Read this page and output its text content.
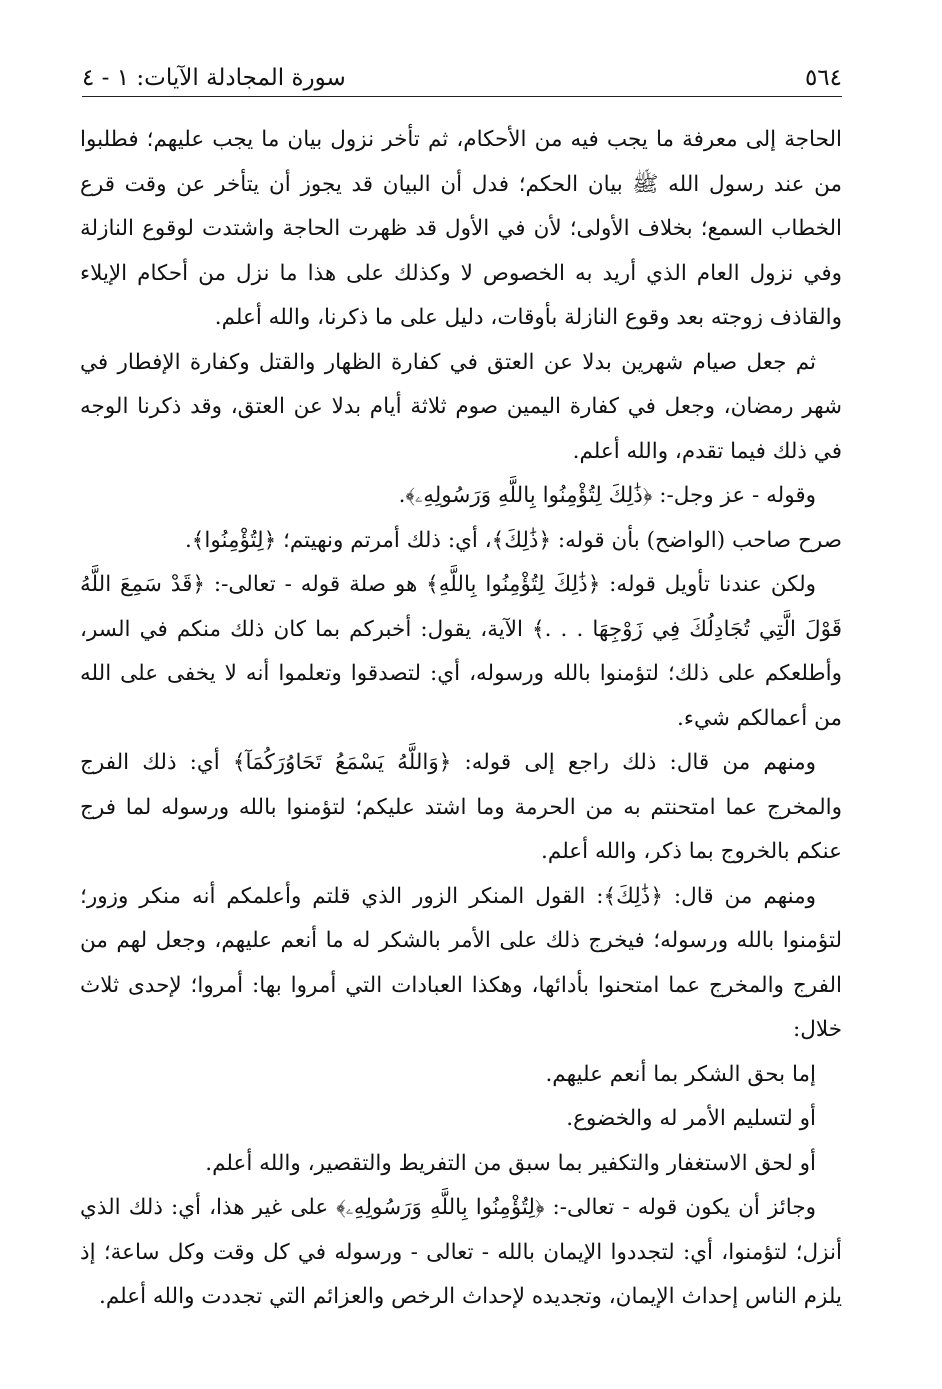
٥٦٤
سورة المجادلة الآيات: ١ - ٤

الحاجة إلى معرفة ما يجب فيه من الأحكام، ثم تأخر نزول بيان ما يجب عليهم؛ فطلبوا من عند رسول الله ﷺ بيان الحكم؛ فدل أن البيان قد يجوز أن يتأخر عن وقت قرع الخطاب السمع؛ بخلاف الأولى؛ لأن في الأول قد ظهرت الحاجة واشتدت لوقوع النازلة وفي نزول العام الذي أريد به الخصوص لا وكذلك على هذا ما نزل من أحكام الإيلاء والقاذف زوجته بعد وقوع النازلة بأوقات، دليل على ما ذكرنا، والله أعلم.

ثم جعل صيام شهرين بدلا عن العتق في كفارة الظهار والقتل وكفارة الإفطار في شهر رمضان، وجعل في كفارة اليمين صوم ثلاثة أيام بدلا عن العتق، وقد ذكرنا الوجه في ذلك فيما تقدم، والله أعلم.

وقوله - عز وجل-: ﴿ذَٰلِكَ لِتُؤْمِنُوا بِاللَّهِ وَرَسُولِهِۦ﴾.

صرح صاحب (الواضح) بأن قوله: ﴿ذَٰلِكَ﴾، أي: ذلك أمرتم ونهيتم؛ ﴿لِتُؤْمِنُوا﴾.

ولكن عندنا تأويل قوله: ﴿ذَٰلِكَ لِتُؤْمِنُوا بِاللَّهِ﴾ هو صلة قوله - تعالى-: ﴿قَدْ سَمِعَ اللَّهُ قَوْلَ الَّتِي تُجَادِلُكَ فِي زَوْجِهَا . . .﴾ الآية، يقول: أخبركم بما كان ذلك منكم في السر، وأطلعكم على ذلك؛ لتؤمنوا بالله ورسوله، أي: لتصدقوا وتعلموا أنه لا يخفى على الله من أعمالكم شيء.

ومنهم من قال: ذلك راجع إلى قوله: ﴿وَاللَّهُ يَسْمَعُ تَحَاوُرَكُمَآ﴾ أي: ذلك الفرج والمخرج عما امتحنتم به من الحرمة وما اشتد عليكم؛ لتؤمنوا بالله ورسوله لما فرج عنكم بالخروج بما ذكر، والله أعلم.

ومنهم من قال: ﴿ذَٰلِكَ﴾: القول المنكر الزور الذي قلتم وأعلمكم أنه منكر وزور؛ لتؤمنوا بالله ورسوله؛ فيخرج ذلك على الأمر بالشكر له ما أنعم عليهم، وجعل لهم من الفرج والمخرج عما امتحنوا بأدائها، وهكذا العبادات التي أمروا بها: أمروا؛ لإحدى ثلاث خلال:

إما بحق الشكر بما أنعم عليهم.

أو لتسليم الأمر له والخضوع.

أو لحق الاستغفار والتكفير بما سبق من التفريط والتقصير، والله أعلم.

وجائز أن يكون قوله - تعالى-: ﴿لِتُؤْمِنُوا بِاللَّهِ وَرَسُولِهِۦ﴾ على غير هذا، أي: ذلك الذي أنزل؛ لتؤمنوا، أي: لتجددوا الإيمان بالله - تعالى - ورسوله في كل وقت وكل ساعة؛ إذ يلزم الناس إحداث الإيمان، وتجديده لإحداث الرخص والعزائم التي تجددت والله أعلم.
